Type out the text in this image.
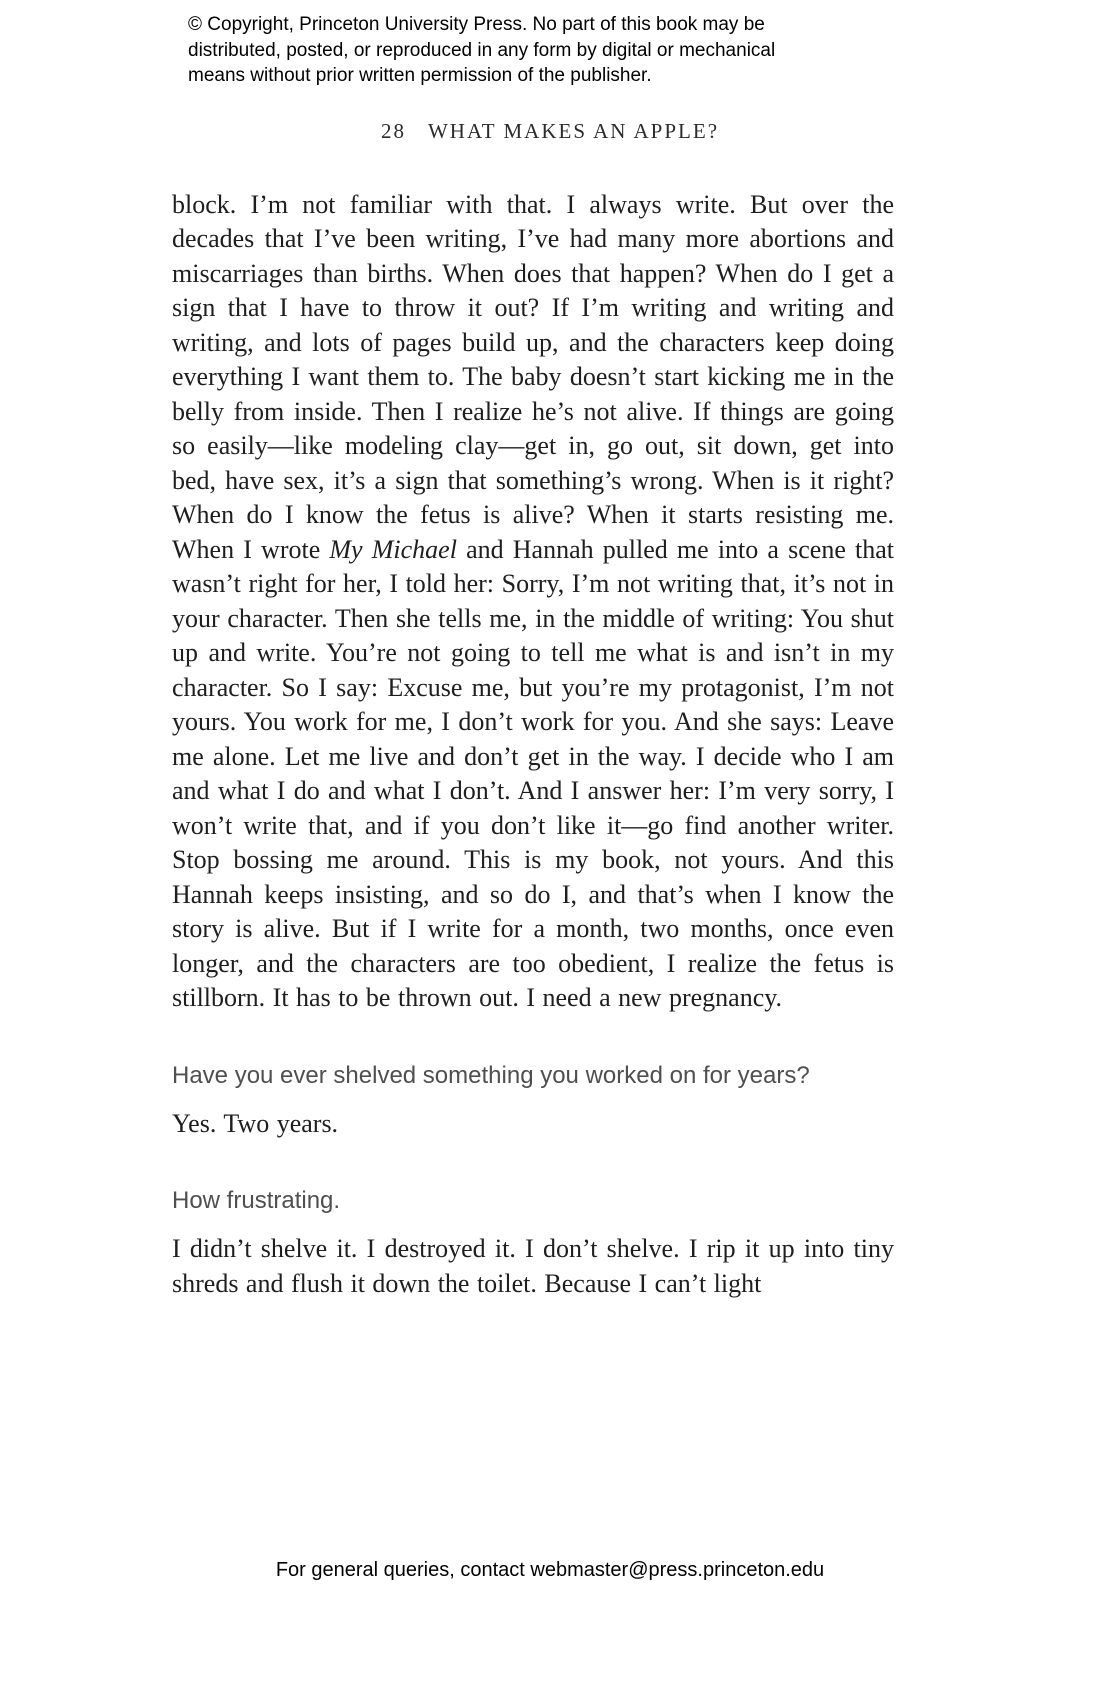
© Copyright, Princeton University Press. No part of this book may be
distributed, posted, or reproduced in any form by digital or mechanical
means without prior written permission of the publisher.
28 WHAT MAKES AN APPLE?

block. I’m not familiar with that. I always write. But over the decades that I’ve been writing, I’ve had many more abortions and miscarriages than births. When does that happen? When do I get a sign that I have to throw it out? If I’m writing and writing and writing, and lots of pages build up, and the characters keep doing everything I want them to. The baby doesn’t start kicking me in the belly from inside. Then I realize he’s not alive. If things are going so easily—like modeling clay—get in, go out, sit down, get into bed, have sex, it’s a sign that something’s wrong. When is it right? When do I know the fetus is alive? When it starts resisting me. When I wrote My Michael and Hannah pulled me into a scene that wasn’t right for her, I told her: Sorry, I’m not writing that, it’s not in your character. Then she tells me, in the middle of writing: You shut up and write. You’re not going to tell me what is and isn’t in my character. So I say: Excuse me, but you’re my protagonist, I’m not yours. You work for me, I don’t work for you. And she says: Leave me alone. Let me live and don’t get in the way. I decide who I am and what I do and what I don’t. And I answer her: I’m very sorry, I won’t write that, and if you don’t like it—go find another writer. Stop bossing me around. This is my book, not yours. And this Hannah keeps insisting, and so do I, and that’s when I know the story is alive. But if I write for a month, two months, once even longer, and the characters are too obedient, I realize the fetus is stillborn. It has to be thrown out. I need a new pregnancy.

Have you ever shelved something you worked on for years?

Yes. Two years.

How frustrating.

I didn’t shelve it. I destroyed it. I don’t shelve. I rip it up into tiny shreds and flush it down the toilet. Because I can’t light

For general queries, contact webmaster@press.princeton.edu
